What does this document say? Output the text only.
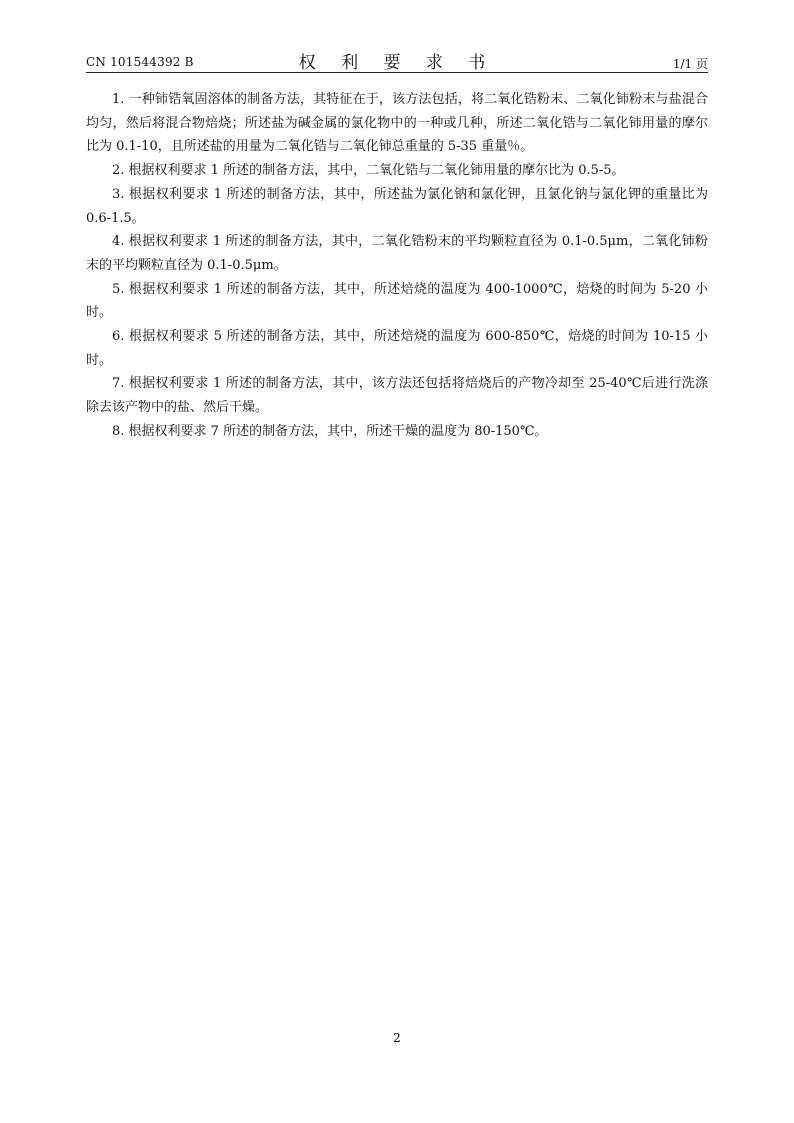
CN 101544392 B	权 利 要 求 书	1/1 页

1. 一种铈锆氧固溶体的制备方法，其特征在于，该方法包括，将二氧化锆粉末、二氧化铈粉末与盐混合均匀，然后将混合物焙烧；所述盐为碱金属的氯化物中的一种或几种，所述二氧化锆与二氧化铈用量的摩尔比为 0.1-10，且所述盐的用量为二氧化锆与二氧化铈总重量的 5-35 重量％。

2. 根据权利要求 1 所述的制备方法，其中，二氧化锆与二氧化铈用量的摩尔比为 0.5-5。

3. 根据权利要求 1 所述的制备方法，其中，所述盐为氯化钠和氯化钾，且氯化钠与氯化钾的重量比为 0.6-1.5。

4. 根据权利要求 1 所述的制备方法，其中，二氧化锆粉末的平均颗粒直径为 0.1-0.5μm，二氧化铈粉末的平均颗粒直径为 0.1-0.5μm。

5. 根据权利要求 1 所述的制备方法，其中，所述焙烧的温度为 400-1000℃，焙烧的时间为 5-20 小时。

6. 根据权利要求 5 所述的制备方法，其中，所述焙烧的温度为 600-850℃，焙烧的时间为 10-15 小时。

7. 根据权利要求 1 所述的制备方法，其中，该方法还包括将焙烧后的产物冷却至 25-40℃后进行洗涤除去该产物中的盐、然后干燥。

8. 根据权利要求 7 所述的制备方法，其中，所述干燥的温度为 80-150℃。

2
